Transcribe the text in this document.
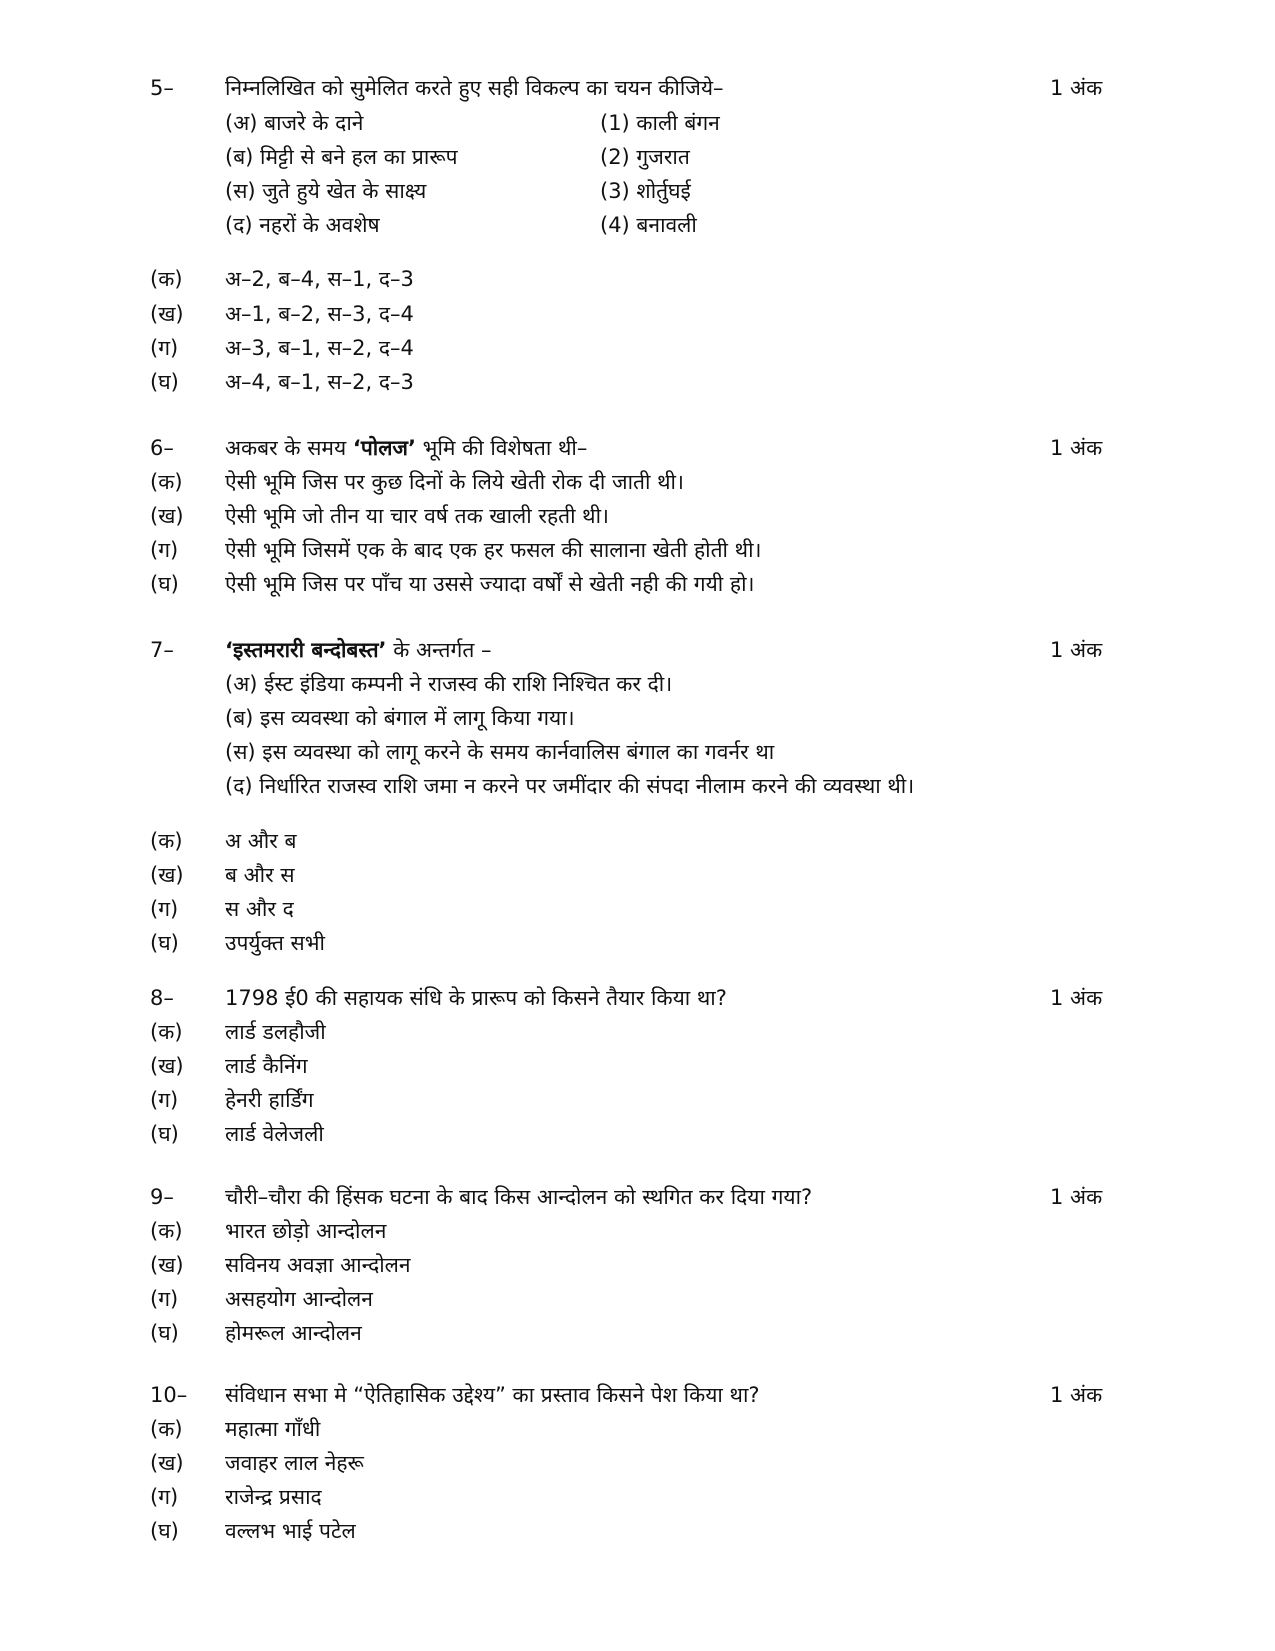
5– निम्नलिखित को सुमेलित करते हुए सही विकल्प का चयन कीजिये–	1 अंक
(अ) बाजरे के दाने	(1) काली बंगन
(ब) मिट्टी से बने हल का प्रारूप	(2) गुजरात
(स) जुते हुये खेत के साक्ष्य	(3) शोर्तुघई
(द) नहरों के अवशेष	(4) बनावली
(क) अ–2, ब–4, स–1, द–3
(ख) अ–1, ब–2, स–3, द–4
(ग) अ–3, ब–1, स–2, द–4
(घ) अ–4, ब–1, स–2, द–3
6– अकबर के समय ‘पोलज’ भूमि की विशेषता थी–	1 अंक
(क) ऐसी भूमि जिस पर कुछ दिनों के लिये खेती रोक दी जाती थी।
(ख) ऐसी भूमि जो तीन या चार वर्ष तक खाली रहती थी।
(ग) ऐसी भूमि जिसमें एक के बाद एक हर फसल की सालाना खेती होती थी।
(घ) ऐसी भूमि जिस पर पाँच या उससे ज्यादा वर्षों से खेती नही की गयी हो।
7– ‘इस्तमरारी बन्दोबस्त’ के अन्तर्गत –	1 अंक
(अ) ईस्ट इंडिया कम्पनी ने राजस्व की राशि निश्चित कर दी।
(ब) इस व्यवस्था को बंगाल में लागू किया गया।
(स) इस व्यवस्था को लागू करने के समय कार्नवालिस बंगाल का गवर्नर था
(द) निर्धारित राजस्व राशि जमा न करने पर जमींदार की संपदा नीलाम करने की व्यवस्था थी।
(क) अ और ब
(ख) ब और स
(ग) स और द
(घ) उपर्युक्त सभी
8– 1798 ई0 की सहायक संधि के प्रारूप को किसने तैयार किया था?	1 अंक
(क) लार्ड डलहौजी
(ख) लार्ड कैनिंग
(ग) हेनरी हार्डिंग
(घ) लार्ड वेलेजली
9– चौरी–चौरा की हिंसक घटना के बाद किस आन्दोलन को स्थगित कर दिया गया?	1 अंक
(क) भारत छोड़ो आन्दोलन
(ख) सविनय अवज्ञा आन्दोलन
(ग) असहयोग आन्दोलन
(घ) होमरूल आन्दोलन
10– संविधान सभा मे “ऐतिहासिक उद्देश्य” का प्रस्ताव किसने पेश किया था?	1 अंक
(क) महात्मा गाँधी
(ख) जवाहर लाल नेहरू
(ग) राजेन्द्र प्रसाद
(घ) वल्लभ भाई पटेल
